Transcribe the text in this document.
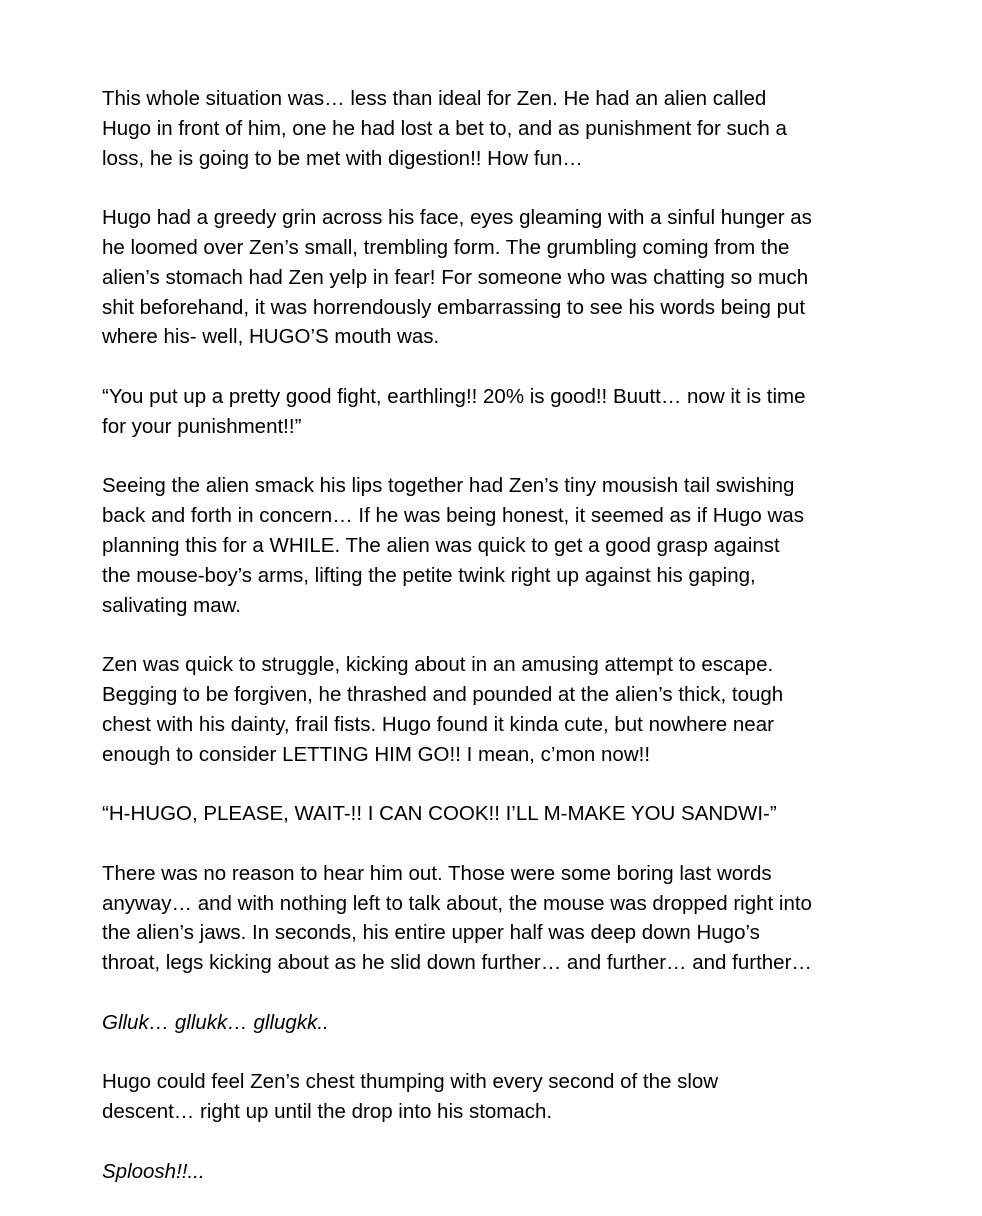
This whole situation was… less than ideal for Zen. He had an alien called
Hugo in front of him, one he had lost a bet to, and as punishment for such a
loss, he is going to be met with digestion!! How fun…

Hugo had a greedy grin across his face, eyes gleaming with a sinful hunger as
he loomed over Zen’s small, trembling form. The grumbling coming from the
alien’s stomach had Zen yelp in fear! For someone who was chatting so much
shit beforehand, it was horrendously embarrassing to see his words being put
where his- well, HUGO’S mouth was.

“You put up a pretty good fight, earthling!! 20% is good!! Buutt… now it is time
for your punishment!!”

Seeing the alien smack his lips together had Zen’s tiny mousish tail swishing
back and forth in concern… If he was being honest, it seemed as if Hugo was
planning this for a WHILE. The alien was quick to get a good grasp against
the mouse-boy’s arms, lifting the petite twink right up against his gaping,
salivating maw.

Zen was quick to struggle, kicking about in an amusing attempt to escape.
Begging to be forgiven, he thrashed and pounded at the alien’s thick, tough
chest with his dainty, frail fists. Hugo found it kinda cute, but nowhere near
enough to consider LETTING HIM GO!! I mean, c’mon now!!

“H-HUGO, PLEASE, WAIT-!! I CAN COOK!! I’LL M-MAKE YOU SANDWI-”

There was no reason to hear him out. Those were some boring last words
anyway… and with nothing left to talk about, the mouse was dropped right into
the alien’s jaws. In seconds, his entire upper half was deep down Hugo’s
throat, legs kicking about as he slid down further… and further… and further…

Glluk… gllukk… gllugkk..

Hugo could feel Zen’s chest thumping with every second of the slow
descent… right up until the drop into his stomach.

Sploosh!!...
